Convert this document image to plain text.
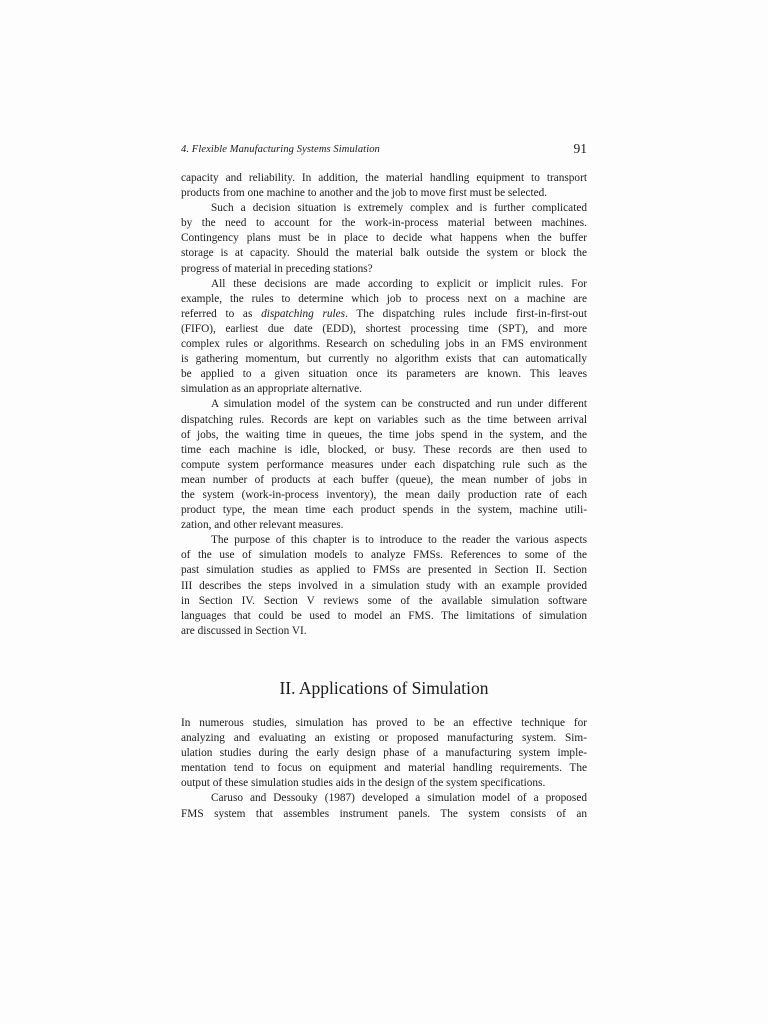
4. Flexible Manufacturing Systems Simulation	91
capacity and reliability. In addition, the material handling equipment to transport
products from one machine to another and the job to move first must be selected.
Such a decision situation is extremely complex and is further complicated
by the need to account for the work-in-process material between machines.
Contingency plans must be in place to decide what happens when the buffer
storage is at capacity. Should the material balk outside the system or block the
progress of material in preceding stations?
All these decisions are made according to explicit or implicit rules. For
example, the rules to determine which job to process next on a machine are
referred to as dispatching rules. The dispatching rules include first-in-first-out
(FIFO), earliest due date (EDD), shortest processing time (SPT), and more
complex rules or algorithms. Research on scheduling jobs in an FMS environment
is gathering momentum, but currently no algorithm exists that can automatically
be applied to a given situation once its parameters are known. This leaves
simulation as an appropriate alternative.
A simulation model of the system can be constructed and run under different
dispatching rules. Records are kept on variables such as the time between arrival
of jobs, the waiting time in queues, the time jobs spend in the system, and the
time each machine is idle, blocked, or busy. These records are then used to
compute system performance measures under each dispatching rule such as the
mean number of products at each buffer (queue), the mean number of jobs in
the system (work-in-process inventory), the mean daily production rate of each
product type, the mean time each product spends in the system, machine utili-
zation, and other relevant measures.
The purpose of this chapter is to introduce to the reader the various aspects
of the use of simulation models to analyze FMSs. References to some of the
past simulation studies as applied to FMSs are presented in Section II. Section
III describes the steps involved in a simulation study with an example provided
in Section IV. Section V reviews some of the available simulation software
languages that could be used to model an FMS. The limitations of simulation
are discussed in Section VI.
II. Applications of Simulation
In numerous studies, simulation has proved to be an effective technique for
analyzing and evaluating an existing or proposed manufacturing system. Sim-
ulation studies during the early design phase of a manufacturing system imple-
mentation tend to focus on equipment and material handling requirements. The
output of these simulation studies aids in the design of the system specifications.
Caruso and Dessouky (1987) developed a simulation model of a proposed
FMS system that assembles instrument panels. The system consists of an
